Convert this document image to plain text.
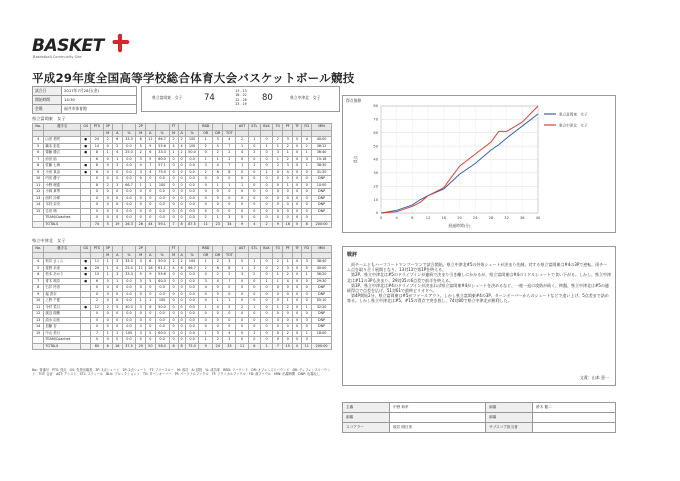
BASKET
Basketball Community Site
平成29年度全国高等学校総合体育大会バスケットボール競技
試合日	2017年7月28日(金)
開始時間	14:30
会場	福井市体育館
県立富岡東　女子	74
13 - 13
16 - 22
22 - 26
23 - 19
80	県立中津北　女子
県立富岡東　女子
No.	選手名	GS	PTS	3P			2P			FT			RBD			AST	STL	BLK	TO	PF	TF	FD	MIN
				M	A	%	M	A	%	M	A	%	OR	DR	TOT								
4	山田 美咲	●	24	2	6	33.3	8	12	66.7	2	2	100	1	3	4	2	1	0	2	3	0	4	40:00
5	橋本 彩花	●	14	0	2	0.0	5	9	55.6	4	4	100	2	5	7	1	0	1	1	2	0	2	38:12
6	齋藤 優衣	●	8	1	4	25.0	2	6	33.3	1	2	50.0	0	2	2	4	2	0	3	1	0	1	36:40
7	前田 結		6	0	1	0.0	3	5	60.0	0	0	0.0	1	1	2	0	0	0	1	2	0	0	15:18
8	佐藤 七海	●	8	0	3	0.0	4	7	57.1	0	0	0.0	3	4	7	1	1	0	2	3	0	1	38:30
9	小田 真由	●	6	0	0	0.0	3	4	75.0	0	0	0.0	2	6	8	0	0	1	0	4	0	0	31:20
10	内田 優子		0	0	0	0.0	0	0	0.0	0	0	0.0	0	0	0	0	0	0	0	0	0	0	DNP
11	小野 理恵		8	2	3	66.7	1	1	100	0	0	0.0	0	1	1	1	0	0	0	1	0	0	10:00
12	小林 真琴		0	0	0	0.0	0	0	0.0	0	0	0.0	0	0	0	0	0	0	0	0	0	0	DNP
13	西村 沙耶		0	0	0	0.0	0	0	0.0	0	0	0.0	0	0	0	0	0	0	0	0	0	0	DNP
14	木村 奈央		0	0	0	0.0	0	0	0.0	0	0	0.0	0	0	0	0	0	0	0	0	0	0	DNP
15	吉田 萌		0	0	0	0.0	0	0	0.0	0	0	0.0	0	0	0	0	0	0	0	0	0	0	DNP
	TEAM/Coaches		0	0	0	0.0	0	0	0.0	0	0	0.0	2	1	3	0	0	0	0	0	0	0	
	TOTALS		74	5	19	26.3	26	44	59.1	7	8	87.5	11	23	34	9	4	2	9	16	0	8	200:00
県立中津北　女子
No.	選手名	GS	PTS	3P			2P			FT			RBD			AST	STL	BLK	TO	PF	TF	FD	MIN
				M	A	%	M	A	%	M	A	%	OR	DR	TOT								
4	松井 さくら	●	11	1	3	33.3	3	6	50.0	2	2	100	1	2	3	5	1	0	2	1	0	3	38:40
5	星野 未来	●	29	1	4	25.0	11	18	61.1	4	6	66.7	2	6	8	1	1	0	2	3	0	5	40:00
6	松本 あかり	●	13	1	3	33.3	5	9	55.6	0	0	0.0	0	2	2	3	2	0	1	2	0	1	36:20
7	青木 瑠奈	●	6	0	1	0.0	3	5	60.0	0	0	0.0	3	4	7	0	0	1	1	4	0	0	29:30
8	石井 玲香		0	0	0	0.0	0	0	0.0	0	0	0.0	0	0	0	0	0	0	0	0	0	0	DNP
9	堀 香奈		0	0	0	0.0	0	0	0.0	0	0	0.0	0	0	0	0	0	0	0	0	0	0	DNP
10	上野 千夏		2	0	0	0.0	1	1	100	0	0	0.0	0	1	1	0	0	0	0	1	0	0	05:10
11	今村 菜月	●	12	2	5	40.0	3	6	50.0	0	0	0.0	1	4	5	2	1	0	1	2	0	1	32:20
12	渡辺 瑞穂		0	0	0	0.0	0	0	0.0	0	0	0.0	0	0	0	0	0	0	0	0	0	0	DNP
13	清水 由依		0	0	0	0.0	0	0	0.0	0	0	0.0	0	0	0	0	0	0	0	0	0	0	DNP
14	加藤 杏		0	0	0	0.0	0	0	0.0	0	0	0.0	0	0	0	0	0	0	0	0	0	0	DNP
15	中山 美月		7	1	1	100	3	5	60.0	0	0	0.0	1	3	4	0	1	0	0	2	0	1	18:00
	TEAM/Coaches		0	0	0	0.0	0	0	0.0	0	0	0.0	1	2	3	0	0	0	0	0	0	0	
	TOTALS		80	6	16	37.5	29	50	58.0	6	8	75.0	9	24	33	11	6	1	7	15	0	11	200:00
No.: 背番号　PTS: 得点　GS: 先発出場者　3P: 3点シュート　2P: 2点シュート　FT: フリースロー　M: 成功　A: 試投　%: 成功率　RBD: リバウンド　OR: オフェンスリバウンド　DR: ディフェンスリバウンド　TOT: 合計　AST: アシスト　STL: スティール　BLK: ブロックショット　TO: ターンオーバー　PF: パーソナルファウル　TF: テクニカルファウル　FD: 被ファウル　MIN: 出場時間　DNP: 出場なし
得点推移
0
10
20
30
40
50
60
70
80
0	4	8	12	16	20	24	28	32	36	40
経過時間(分)
得点
県立富岡東　女子
県立中津北　女子
戦評

両チームともハーフコートマンツーマンで試合開始。県立中津北#5の外角シュートが決まり先制。対する県立富岡東は#4の3Pで逆転。両チーム点を取り合う展開となり、13対13で第1Pを終える。

第2P、県立中津北は#5のドライブインが連続で決まり引き離しにかかるが、県立富岡東は#4のミドルシュートで食い下がる。しかし、県立中津北は#11の3Pも決まり、29対35の6点差で前半を終える。

第3P、県立中津北は#4のドライブインが決まれば県立富岡東#4がシュートを決めるなど、一進一退の攻防が続く。終盤、県立中津北は#5の連続得点で点差を広げ、51対61で最終ピリオドへ。

第4P開始2分、県立富岡東は#5がファールアウト。しかし県立富岡東#4の3P、ターンオーバーからのシュートなどで追い上げ、5点差まで詰め寄る。しかし県立中津北は#5、#15の得点で突き放し、74対80で県立中津北が勝利した。

文責：山本 恵一
主審	中野 和孝	副審	鈴木 健二
副審		副審	
スコアラー	坂井 明日美	サブスコア担当者	
